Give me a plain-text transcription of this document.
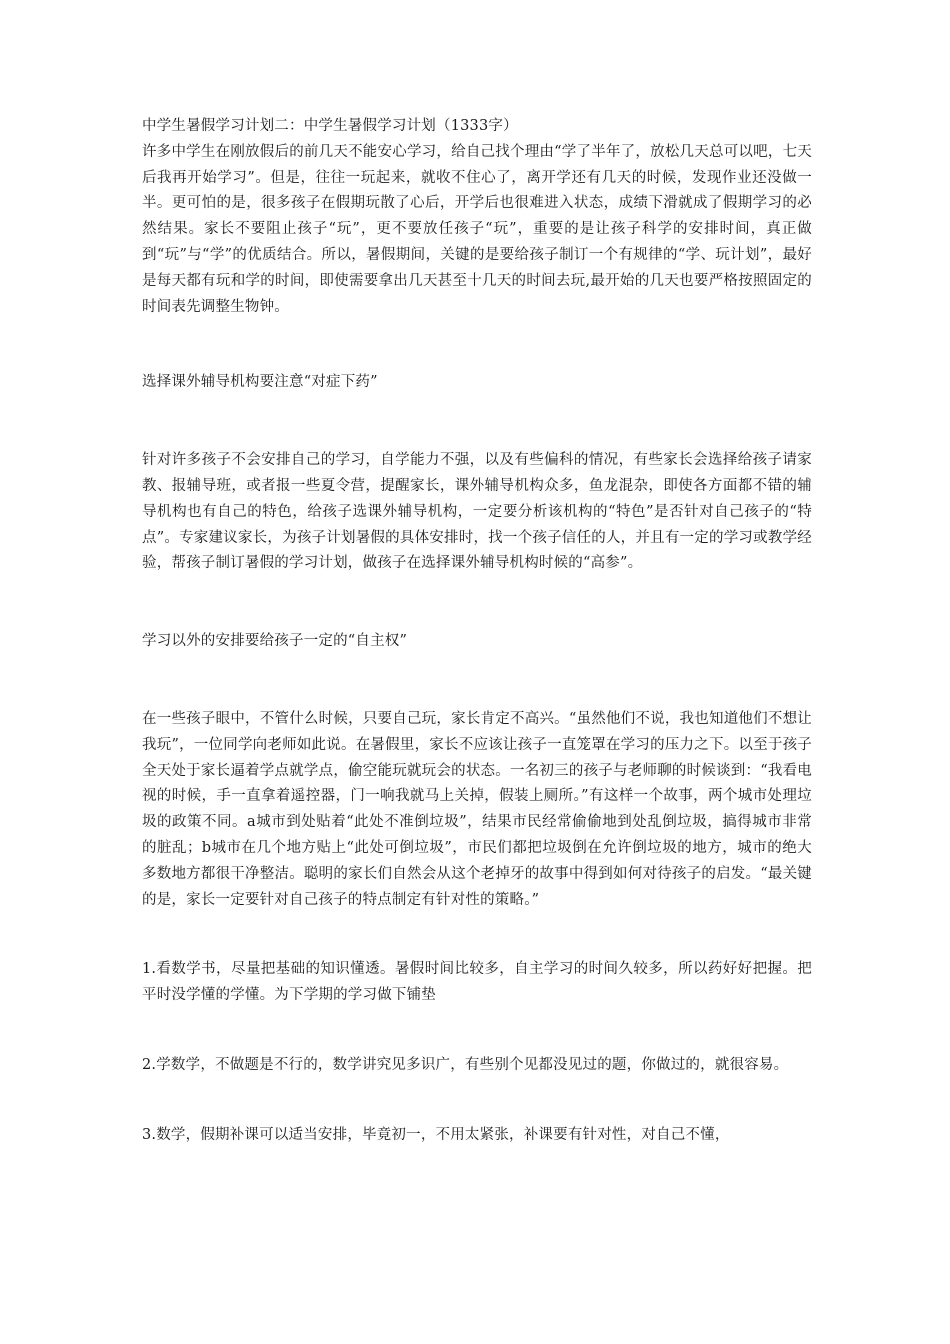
中学生暑假学习计划二：中学生暑假学习计划（1333字）

许多中学生在刚放假后的前几天不能安心学习，给自己找个理由“学了半年了，放松几天总可以吧，七天后我再开始学习”。但是，往往一玩起来，就收不住心了，离开学还有几天的时候，发现作业还没做一半。更可怕的是，很多孩子在假期玩散了心后，开学后也很难进入状态，成绩下滑就成了假期学习的必然结果。家长不要阻止孩子“玩”，更不要放任孩子“玩”，重要的是让孩子科学的安排时间，真正做到“玩”与“学”的优质结合。所以，暑假期间，关键的是要给孩子制订一个有规律的“学、玩计划”，最好是每天都有玩和学的时间，即使需要拿出几天甚至十几天的时间去玩,最开始的几天也要严格按照固定的时间表先调整生物钟。

选择课外辅导机构要注意“对症下药”

针对许多孩子不会安排自己的学习，自学能力不强，以及有些偏科的情况，有些家长会选择给孩子请家教、报辅导班，或者报一些夏令营，提醒家长，课外辅导机构众多，鱼龙混杂，即使各方面都不错的辅导机构也有自己的特色，给孩子选课外辅导机构，一定要分析该机构的“特色”是否针对自己孩子的“特点”。专家建议家长，为孩子计划暑假的具体安排时，找一个孩子信任的人，并且有一定的学习或教学经验，帮孩子制订暑假的学习计划，做孩子在选择课外辅导机构时候的“高参”。

学习以外的安排要给孩子一定的“自主权”

在一些孩子眼中，不管什么时候，只要自己玩，家长肯定不高兴。“虽然他们不说，我也知道他们不想让我玩”，一位同学向老师如此说。在暑假里，家长不应该让孩子一直笼罩在学习的压力之下。以至于孩子全天处于家长逼着学点就学点，偷空能玩就玩会的状态。一名初三的孩子与老师聊的时候谈到：“我看电视的时候，手一直拿着遥控器，门一响我就马上关掉，假装上厕所。”有这样一个故事，两个城市处理垃圾的政策不同。a城市到处贴着“此处不准倒垃圾”，结果市民经常偷偷地到处乱倒垃圾，搞得城市非常的脏乱；b城市在几个地方贴上“此处可倒垃圾”，市民们都把垃圾倒在允许倒垃圾的地方，城市的绝大多数地方都很干净整洁。聪明的家长们自然会从这个老掉牙的故事中得到如何对待孩子的启发。“最关键的是，家长一定要针对自己孩子的特点制定有针对性的策略。”

1.看数学书，尽量把基础的知识懂透。暑假时间比较多，自主学习的时间久较多，所以药好好把握。把平时没学懂的学懂。为下学期的学习做下铺垫

2.学数学，不做题是不行的，数学讲究见多识广，有些别个见都没见过的题，你做过的，就很容易。

3.数学，假期补课可以适当安排，毕竟初一，不用太紧张，补课要有针对性，对自己不懂，
